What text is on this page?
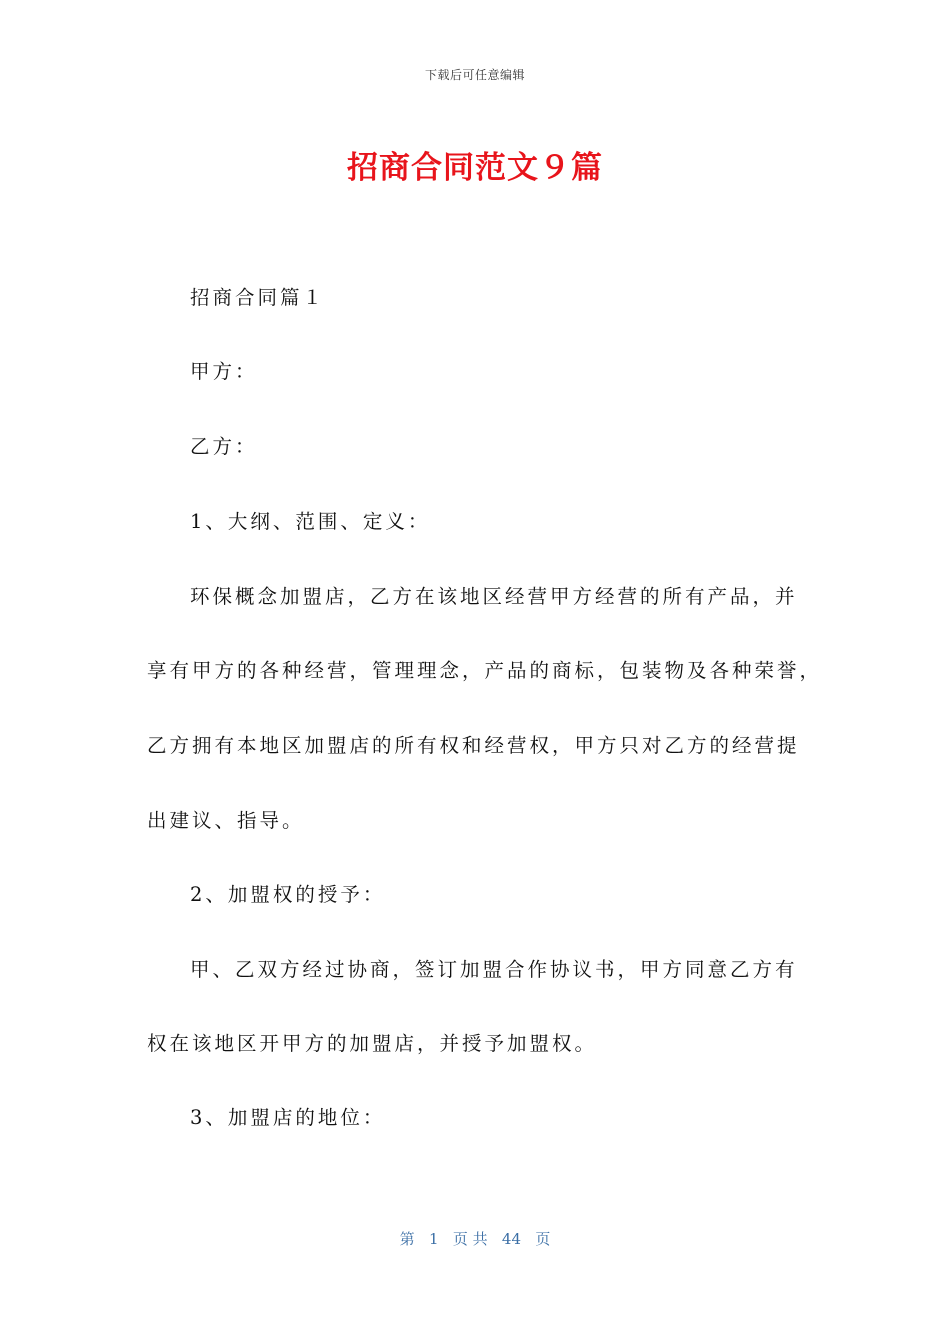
下载后可任意编辑
招商合同范文９篇
招商合同篇１
甲方：
乙方：
1、大纲、范围、定义：
环保概念加盟店，乙方在该地区经营甲方经营的所有产品，并
享有甲方的各种经营，管理理念，产品的商标，包装物及各种荣誉，
乙方拥有本地区加盟店的所有权和经营权，甲方只对乙方的经营提
出建议、指导。
2、加盟权的授予：
甲、乙双方经过协商，签订加盟合作协议书，甲方同意乙方有
权在该地区开甲方的加盟店，并授予加盟权。
3、加盟店的地位：
第 1 页 共 44 页
